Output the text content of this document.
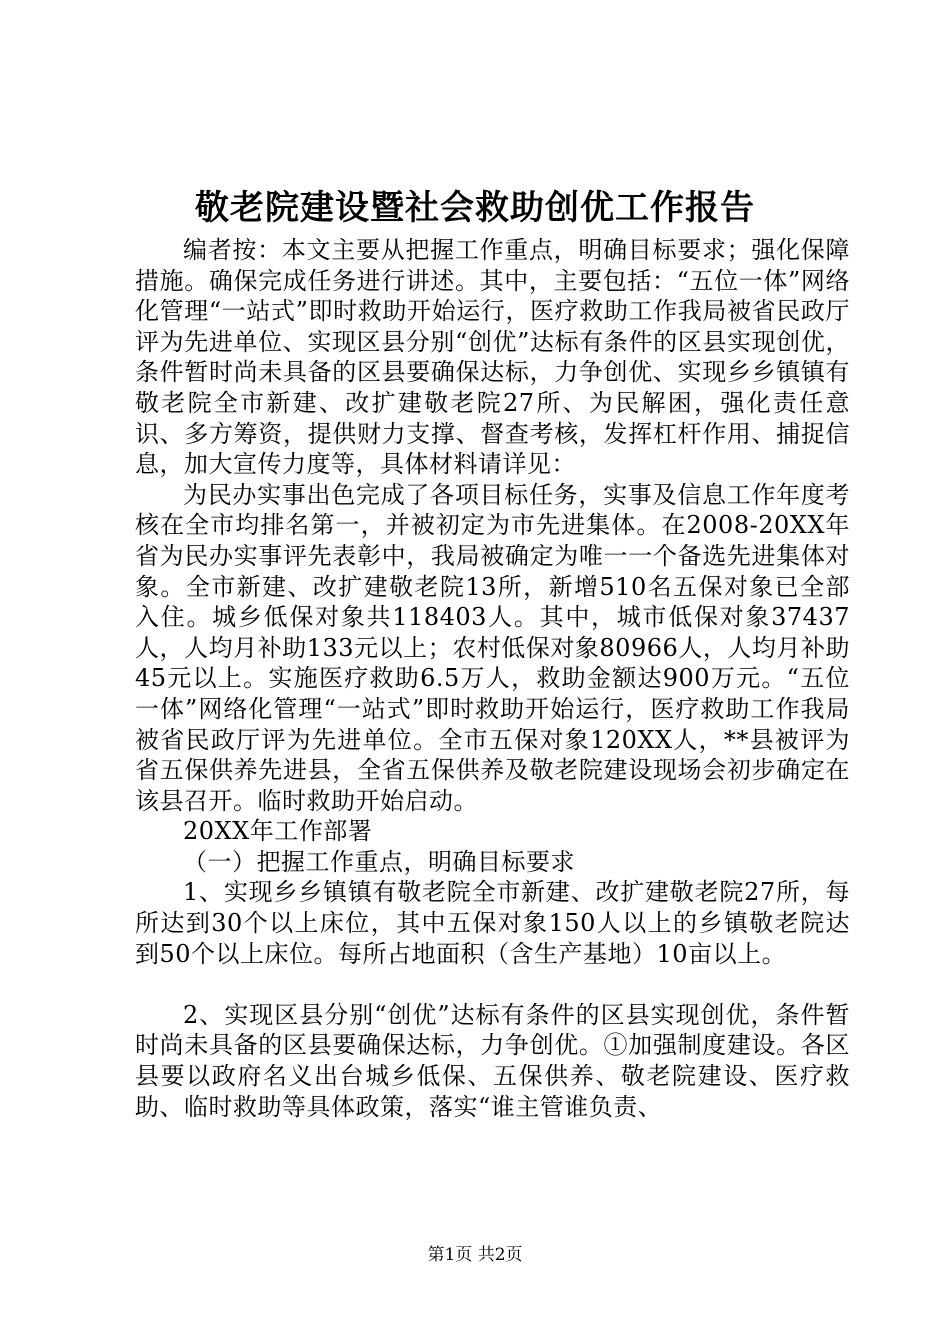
敬老院建设暨社会救助创优工作报告

编者按：本文主要从把握工作重点，明确目标要求；强化保障措施。确保完成任务进行讲述。其中，主要包括：“五位一体”网络化管理“一站式”即时救助开始运行，医疗救助工作我局被省民政厅评为先进单位、实现区县分别“创优”达标有条件的区县实现创优，条件暂时尚未具备的区县要确保达标，力争创优、实现乡乡镇镇有敬老院全市新建、改扩建敬老院27所、为民解困，强化责任意识、多方筹资，提供财力支撑、督查考核，发挥杠杆作用、捕捉信息，加大宣传力度等，具体材料请详见：

为民办实事出色完成了各项目标任务，实事及信息工作年度考核在全市均排名第一，并被初定为市先进集体。在2008-20XX年省为民办实事评先表彰中，我局被确定为唯一一个备选先进集体对象。全市新建、改扩建敬老院13所，新增510名五保对象已全部入住。城乡低保对象共118403人。其中，城市低保对象37437人，人均月补助133元以上；农村低保对象80966人，人均月补助45元以上。实施医疗救助6.5万人，救助金额达900万元。“五位一体”网络化管理“一站式”即时救助开始运行，医疗救助工作我局被省民政厅评为先进单位。全市五保对象120XX人，**县被评为省五保供养先进县，全省五保供养及敬老院建设现场会初步确定在该县召开。临时救助开始启动。

20XX年工作部署

（一）把握工作重点，明确目标要求

1、实现乡乡镇镇有敬老院全市新建、改扩建敬老院27所，每所达到30个以上床位，其中五保对象150人以上的乡镇敬老院达到50个以上床位。每所占地面积（含生产基地）10亩以上。

2、实现区县分别“创优”达标有条件的区县实现创优，条件暂时尚未具备的区县要确保达标，力争创优。①加强制度建设。各区县要以政府名义出台城乡低保、五保供养、敬老院建设、医疗救助、临时救助等具体政策，落实“谁主管谁负责、

第1页 共2页
